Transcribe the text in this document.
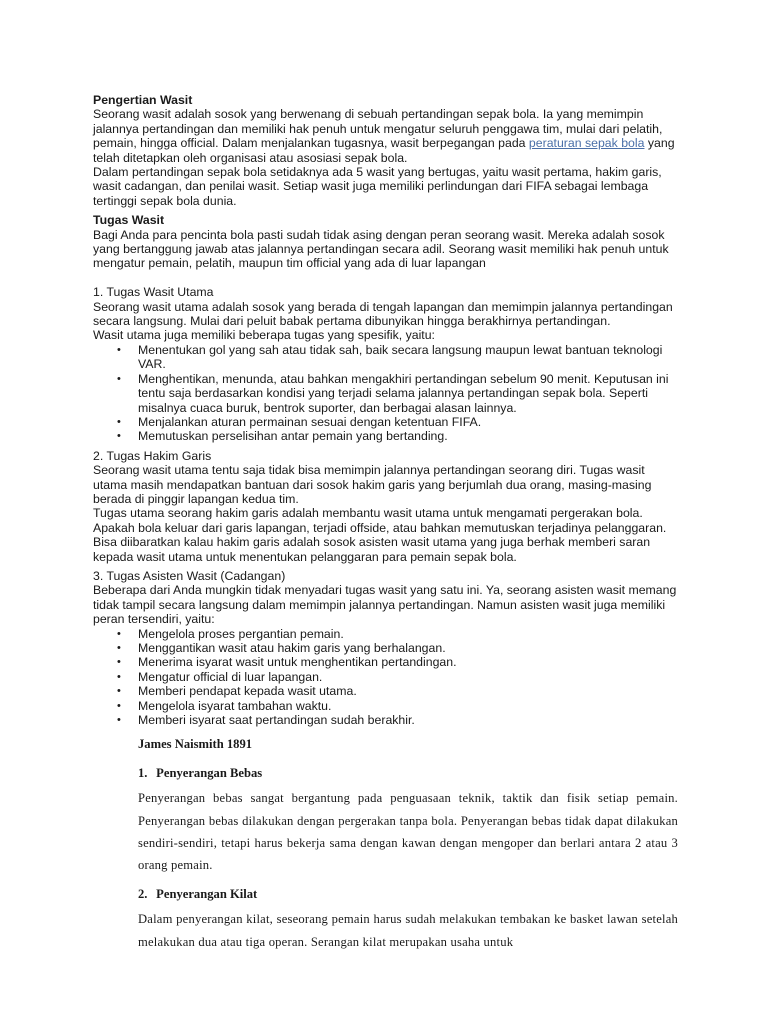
Pengertian Wasit

Seorang wasit adalah sosok yang berwenang di sebuah pertandingan sepak bola. Ia yang memimpin jalannya pertandingan dan memiliki hak penuh untuk mengatur seluruh penggawa tim, mulai dari pelatih, pemain, hingga official. Dalam menjalankan tugasnya, wasit berpegangan pada peraturan sepak bola yang telah ditetapkan oleh organisasi atau asosiasi sepak bola.

Dalam pertandingan sepak bola setidaknya ada 5 wasit yang bertugas, yaitu wasit pertama, hakim garis, wasit cadangan, dan penilai wasit. Setiap wasit juga memiliki perlindungan dari FIFA sebagai lembaga tertinggi sepak bola dunia.

Tugas Wasit

Bagi Anda para pencinta bola pasti sudah tidak asing dengan peran seorang wasit. Mereka adalah sosok yang bertanggung jawab atas jalannya pertandingan secara adil. Seorang wasit memiliki hak penuh untuk mengatur pemain, pelatih, maupun tim official yang ada di luar lapangan

1. Tugas Wasit Utama

Seorang wasit utama adalah sosok yang berada di tengah lapangan dan memimpin jalannya pertandingan secara langsung. Mulai dari peluit babak pertama dibunyikan hingga berakhirnya pertandingan.

Wasit utama juga memiliki beberapa tugas yang spesifik, yaitu:

• Menentukan gol yang sah atau tidak sah, baik secara langsung maupun lewat bantuan teknologi VAR.
• Menghentikan, menunda, atau bahkan mengakhiri pertandingan sebelum 90 menit. Keputusan ini tentu saja berdasarkan kondisi yang terjadi selama jalannya pertandingan sepak bola. Seperti misalnya cuaca buruk, bentrok suporter, dan berbagai alasan lainnya.
• Menjalankan aturan permainan sesuai dengan ketentuan FIFA.
• Memutuskan perselisihan antar pemain yang bertanding.

2. Tugas Hakim Garis

Seorang wasit utama tentu saja tidak bisa memimpin jalannya pertandingan seorang diri. Tugas wasit utama masih mendapatkan bantuan dari sosok hakim garis yang berjumlah dua orang, masing-masing berada di pinggir lapangan kedua tim.

Tugas utama seorang hakim garis adalah membantu wasit utama untuk mengamati pergerakan bola. Apakah bola keluar dari garis lapangan, terjadi offside, atau bahkan memutuskan terjadinya pelanggaran. Bisa diibaratkan kalau hakim garis adalah sosok asisten wasit utama yang juga berhak memberi saran kepada wasit utama untuk menentukan pelanggaran para pemain sepak bola.

3. Tugas Asisten Wasit (Cadangan)

Beberapa dari Anda mungkin tidak menyadari tugas wasit yang satu ini. Ya, seorang asisten wasit memang tidak tampil secara langsung dalam memimpin jalannya pertandingan. Namun asisten wasit juga memiliki peran tersendiri, yaitu:

• Mengelola proses pergantian pemain.
• Menggantikan wasit atau hakim garis yang berhalangan.
• Menerima isyarat wasit untuk menghentikan pertandingan.
• Mengatur official di luar lapangan.
• Memberi pendapat kepada wasit utama.
• Mengelola isyarat tambahan waktu.
• Memberi isyarat saat pertandingan sudah berakhir.

James Naismith 1891

1. Penyerangan Bebas

Penyerangan bebas sangat bergantung pada penguasaan teknik, taktik dan fisik setiap pemain. Penyerangan bebas dilakukan dengan pergerakan tanpa bola. Penyerangan bebas tidak dapat dilakukan sendiri-sendiri, tetapi harus bekerja sama dengan kawan dengan mengoper dan berlari antara 2 atau 3 orang pemain.

2. Penyerangan Kilat

Dalam penyerangan kilat, seseorang pemain harus sudah melakukan tembakan ke basket lawan setelah melakukan dua atau tiga operan. Serangan kilat merupakan usaha untuk
